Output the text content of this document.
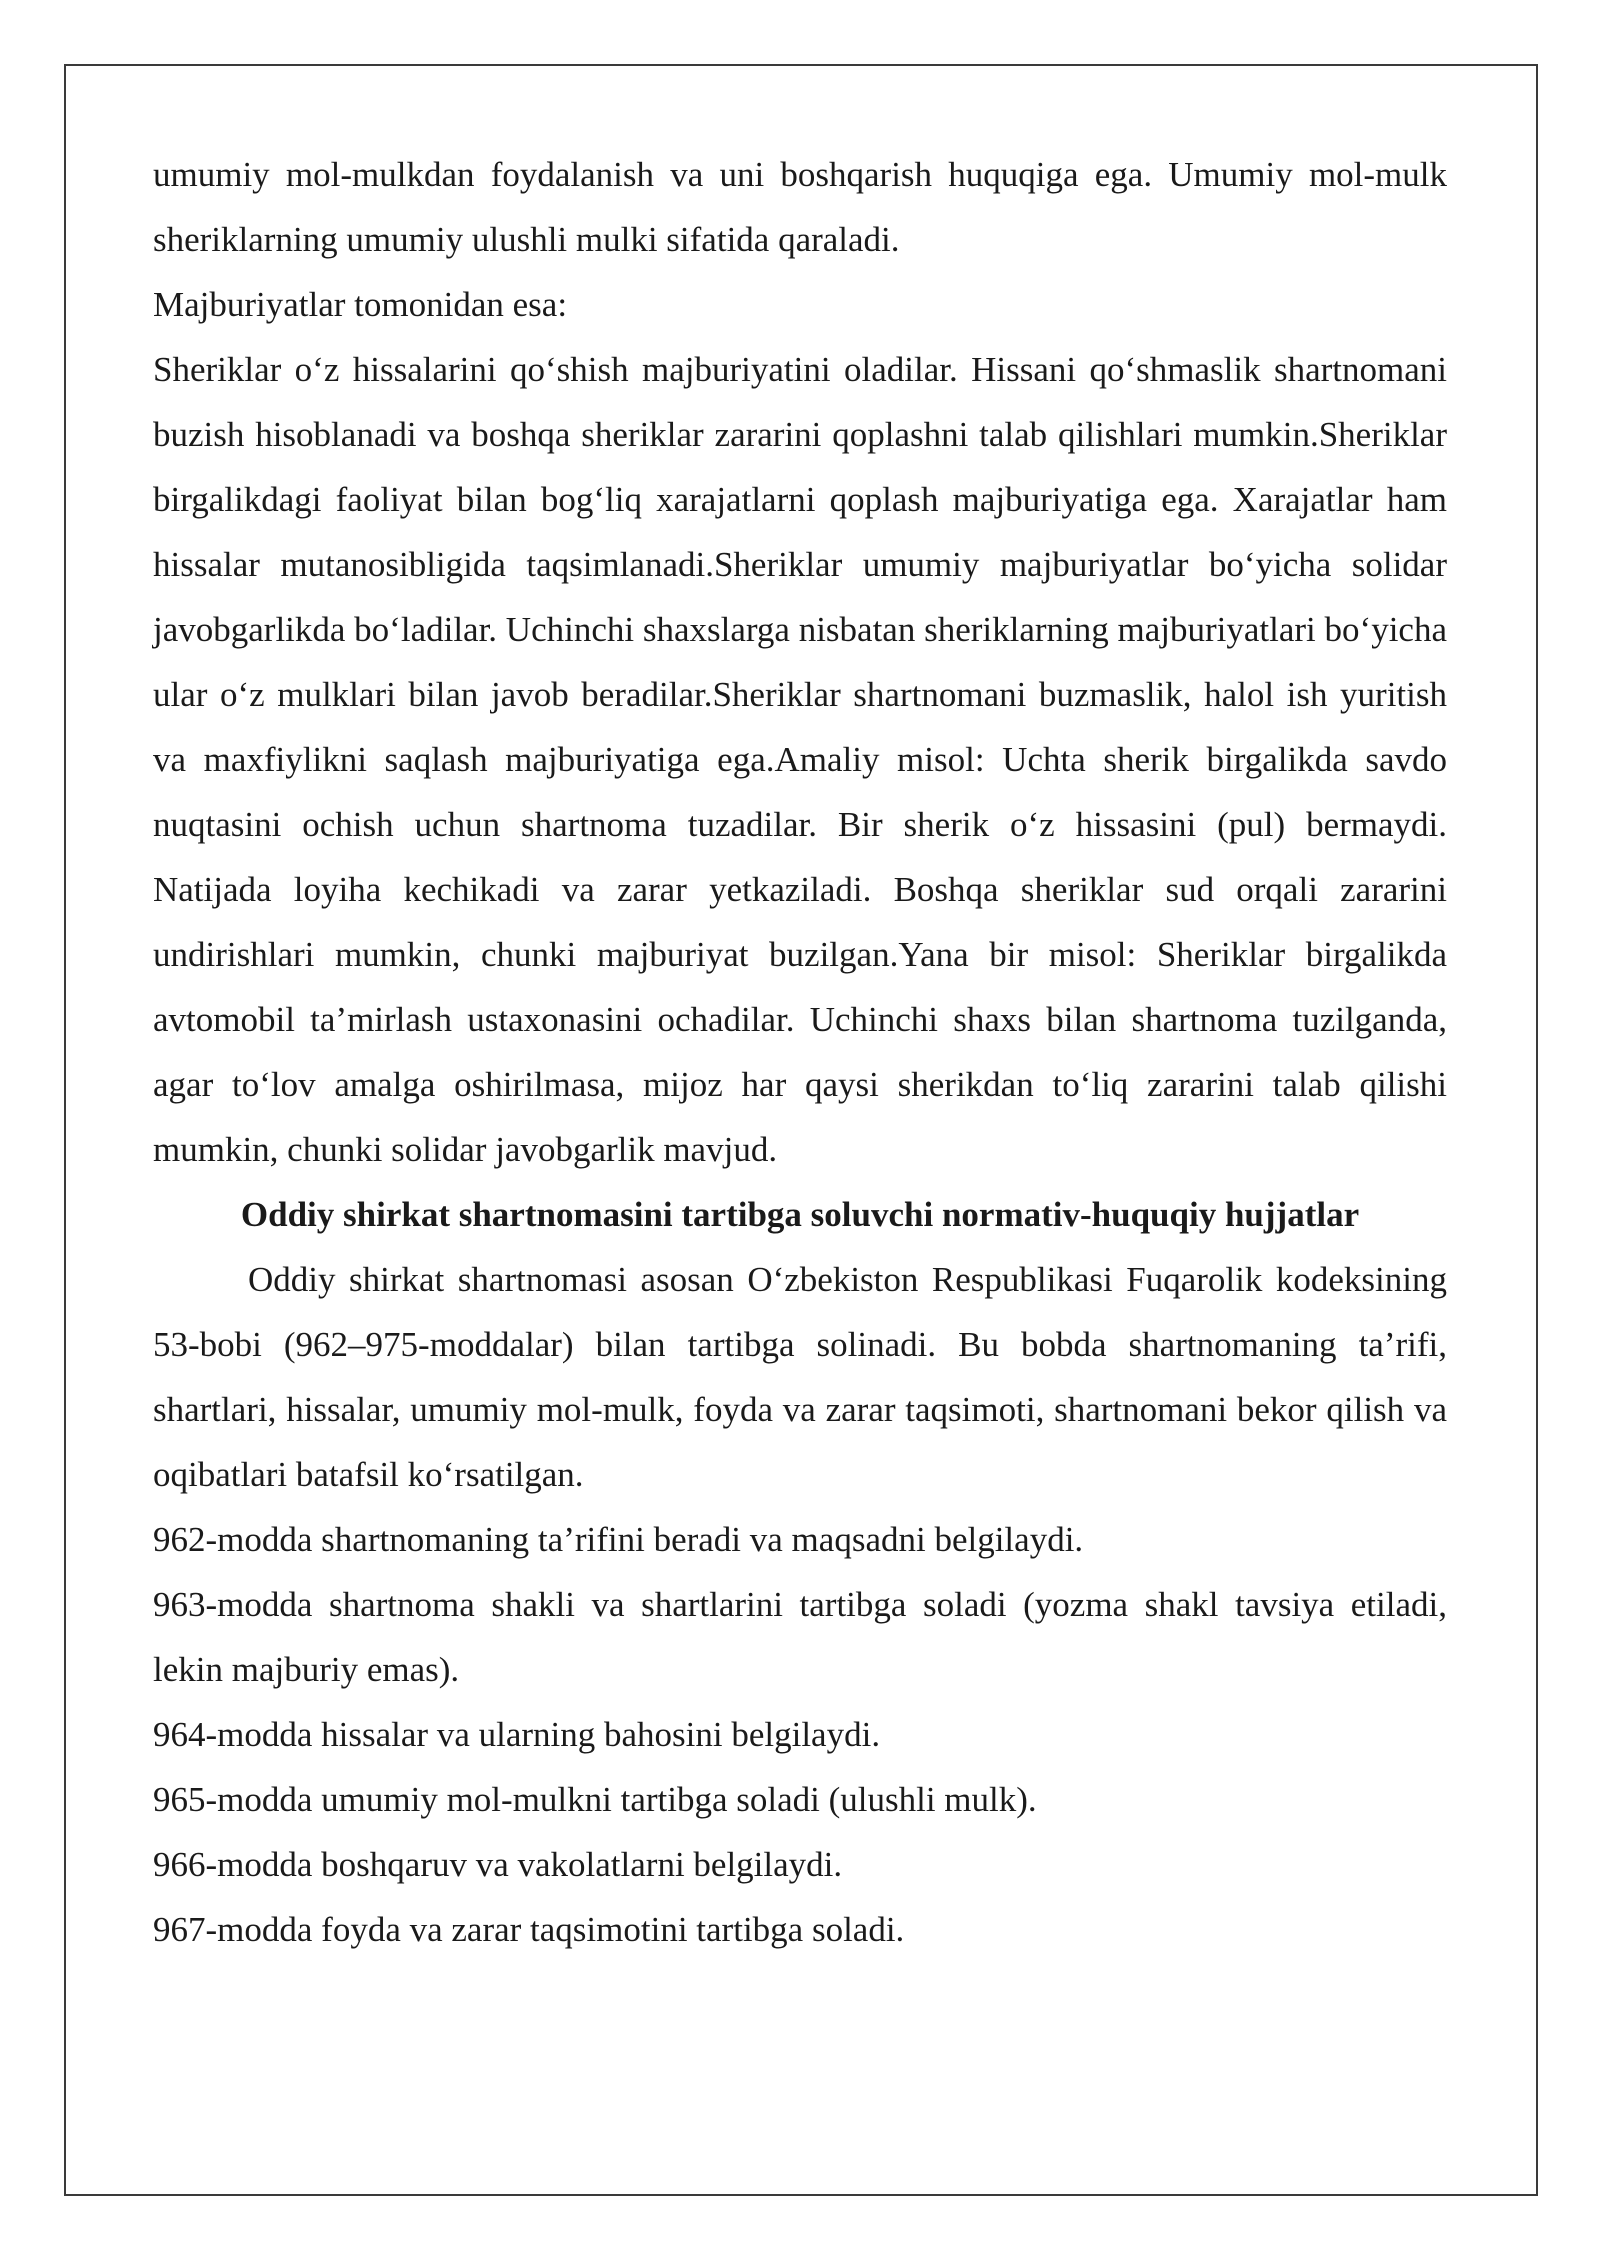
umumiy mol-mulkdan foydalanish va uni boshqarish huquqiga ega. Umumiy mol-mulk sheriklarning umumiy ulushli mulki sifatida qaraladi.

Majburiyatlar tomonidan esa:

Sheriklar o‘z hissalarini qo‘shish majburiyatini oladilar. Hissani qo‘shmaslik shartnomani buzish hisoblanadi va boshqa sheriklar zararini qoplashni talab qilishlari mumkin.Sheriklar birgalikdagi faoliyat bilan bog‘liq xarajatlarni qoplash majburiyatiga ega. Xarajatlar ham hissalar mutanosibligida taqsimlanadi.Sheriklar umumiy majburiyatlar bo‘yicha solidar javobgarlikda bo‘ladilar. Uchinchi shaxslarga nisbatan sheriklarning majburiyatlari bo‘yicha ular o‘z mulklari bilan javob beradilar.Sheriklar shartnomani buzmaslik, halol ish yuritish va maxfiylikni saqlash majburiyatiga ega.Amaliy misol: Uchta sherik birgalikda savdo nuqtasini ochish uchun shartnoma tuzadilar. Bir sherik o‘z hissasini (pul) bermaydi. Natijada loyiha kechikadi va zarar yetkaziladi. Boshqa sheriklar sud orqali zararini undirishlari mumkin, chunki majburiyat buzilgan.Yana bir misol: Sheriklar birgalikda avtomobil ta’mirlash ustaxonasini ochadilar. Uchinchi shaxs bilan shartnoma tuzilganda, agar to‘lov amalga oshirilmasa, mijoz har qaysi sherikdan to‘liq zararini talab qilishi mumkin, chunki solidar javobgarlik mavjud.

Oddiy shirkat shartnomasini tartibga soluvchi normativ-huquqiy hujjatlar

Oddiy shirkat shartnomasi asosan O‘zbekiston Respublikasi Fuqarolik kodeksining 53-bobi (962–975-moddalar) bilan tartibga solinadi. Bu bobda shartnomaning ta’rifi, shartlari, hissalar, umumiy mol-mulk, foyda va zarar taqsimoti, shartnomani bekor qilish va oqibatlari batafsil ko‘rsatilgan.

962-modda shartnomaning ta’rifini beradi va maqsadni belgilaydi.

963-modda shartnoma shakli va shartlarini tartibga soladi (yozma shakl tavsiya etiladi, lekin majburiy emas).

964-modda hissalar va ularning bahosini belgilaydi.

965-modda umumiy mol-mulkni tartibga soladi (ulushli mulk).

966-modda boshqaruv va vakolatlarni belgilaydi.

967-modda foyda va zarar taqsimotini tartibga soladi.
